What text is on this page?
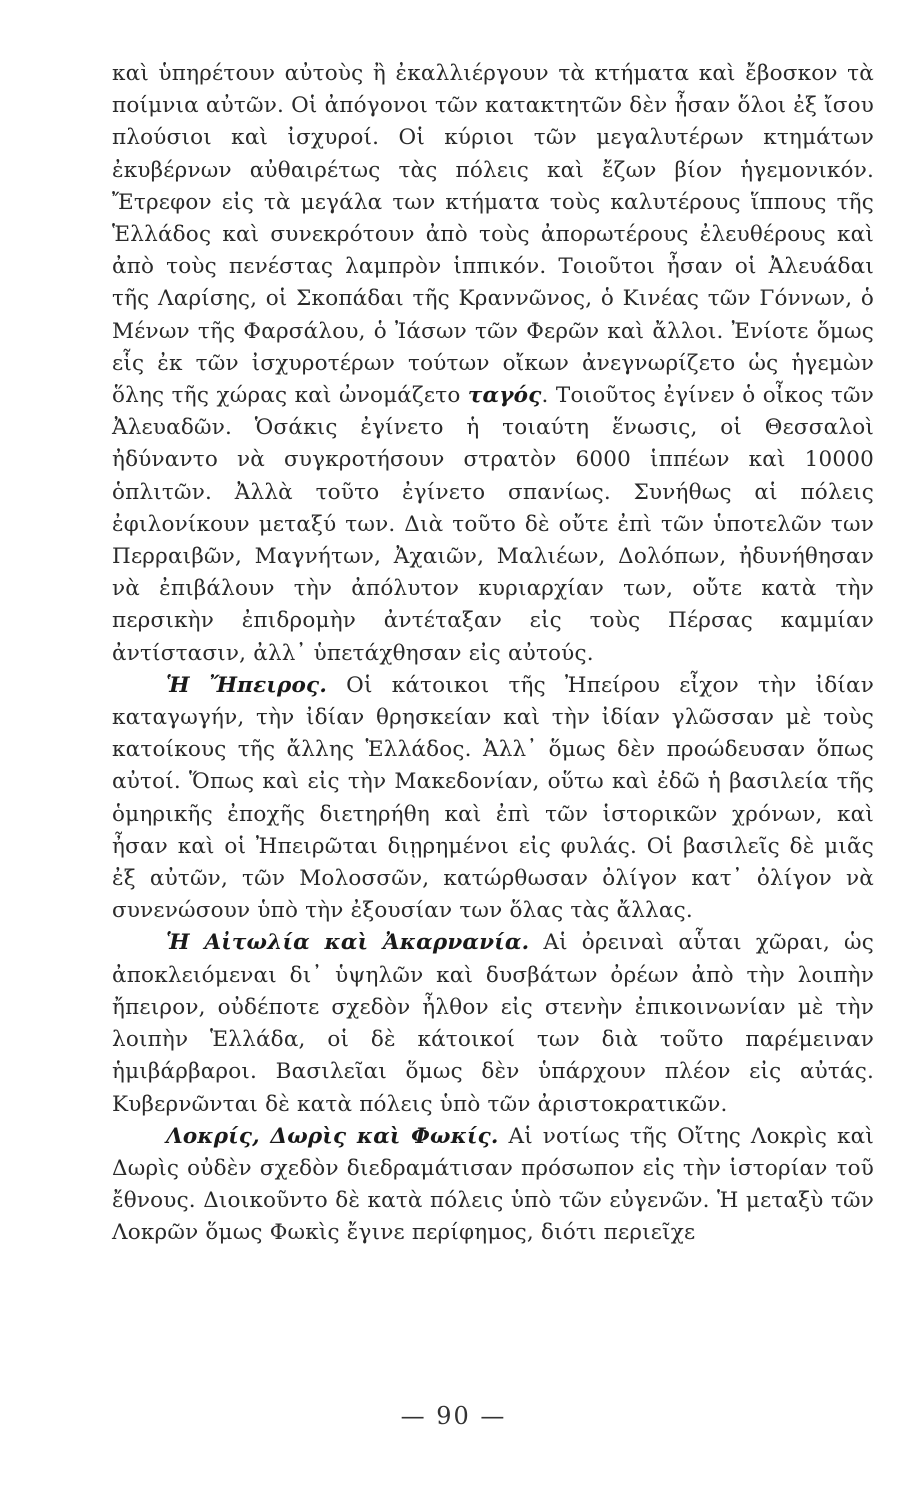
καὶ ὑπηρέτουν αὐτοὺς ἢ ἐκαλλιέργουν τὰ κτήματα καὶ ἔβοσκον τὰ ποίμνια αὐτῶν. Οἱ ἀπόγονοι τῶν κατακτητῶν δὲν ἦσαν ὅλοι ἐξ ἴσου πλούσιοι καὶ ἰσχυροί. Οἱ κύριοι τῶν μεγαλυτέρων κτημάτων ἐκυβέρνων αὐθαιρέτως τὰς πόλεις καὶ ἔζων βίον ἡγεμονικόν. Ἔτρεφον εἰς τὰ μεγάλα των κτήματα τοὺς καλυτέρους ἵππους τῆς Ἑλλάδος καὶ συνεκρότουν ἀπὸ τοὺς ἀπορωτέρους ἐλευθέρους καὶ ἀπὸ τοὺς πενέστας λαμπρὸν ἱππικόν. Τοιοῦτοι ἦσαν οἱ Ἀλευάδαι τῆς Λαρίσης, οἱ Σκοπάδαι τῆς Κραννῶνος, ὁ Κινέας τῶν Γόννων, ὁ Μένων τῆς Φαρσάλου, ὁ Ἰάσων τῶν Φερῶν καὶ ἄλλοι. Ἐνίοτε ὅμως εἷς ἐκ τῶν ἰσχυροτέρων τούτων οἴκων ἀνεγνωρίζετο ὡς ἡγεμὼν ὅλης τῆς χώρας καὶ ὠνομάζετο ταγός. Τοιοῦτος ἐγίνεν ὁ οἶκος τῶν Ἀλευαδῶν. Ὁσάκις ἐγίνετο ἡ τοιαύτη ἕνωσις, οἱ Θεσσαλοὶ ἠδύναντο νὰ συγκροτήσουν στρατὸν 6000 ἱππέων καὶ 10000 ὁπλιτῶν. Ἀλλὰ τοῦτο ἐγίνετο σπανίως. Συνήθως αἱ πόλεις ἐφιλονίκουν μεταξύ των. Διὰ τοῦτο δὲ οὔτε ἐπὶ τῶν ὑποτελῶν των Περραιβῶν, Μαγνήτων, Ἀχαιῶν, Μαλιέων, Δολόπων, ἠδυνήθησαν νὰ ἐπιβάλουν τὴν ἀπόλυτον κυριαρχίαν των, οὔτε κατὰ τὴν περσικὴν ἐπιδρομὴν ἀντέταξαν εἰς τοὺς Πέρσας καμμίαν ἀντίστασιν, ἀλλ᾿ ὑπετάχθησαν εἰς αὐτούς.

Ἡ Ἤπειρος. Οἱ κάτοικοι τῆς Ἠπείρου εἶχον τὴν ἰδίαν καταγωγήν, τὴν ἰδίαν θρησκείαν καὶ τὴν ἰδίαν γλῶσσαν μὲ τοὺς κατοίκους τῆς ἄλλης Ἑλλάδος. Ἀλλ᾿ ὅμως δὲν προώδευσαν ὅπως αὐτοί. Ὅπως καὶ εἰς τὴν Μακεδονίαν, οὕτω καὶ ἐδῶ ἡ βασιλεία τῆς ὁμηρικῆς ἐποχῆς διετηρήθη καὶ ἐπὶ τῶν ἱστορικῶν χρόνων, καὶ ἦσαν καὶ οἱ Ἠπειρῶται διῃρημένοι εἰς φυλάς. Οἱ βασιλεῖς δὲ μιᾶς ἐξ αὐτῶν, τῶν Μολοσσῶν, κατώρθωσαν ὀλίγον κατ᾿ ὀλίγον νὰ συνενώσουν ὑπὸ τὴν ἐξουσίαν των ὅλας τὰς ἄλλας.

Ἡ Αἰτωλία καὶ Ἀκαρνανία. Αἱ ὀρειναὶ αὗται χῶραι, ὡς ἀποκλειόμεναι δι᾿ ὑψηλῶν καὶ δυσβάτων ὀρέων ἀπὸ τὴν λοιπὴν ἤπειρον, οὐδέποτε σχεδὸν ἦλθον εἰς στενὴν ἐπικοινωνίαν μὲ τὴν λοιπὴν Ἑλλάδα, οἱ δὲ κάτοικοί των διὰ τοῦτο παρέμειναν ἡμιβάρβαροι. Βασιλεῖαι ὅμως δὲν ὑπάρχουν πλέον εἰς αὐτάς. Κυβερνῶνται δὲ κατὰ πόλεις ὑπὸ τῶν ἀριστοκρατικῶν.

Λοκρίς, Δωρὶς καὶ Φωκίς. Αἱ νοτίως τῆς Οἴτης Λοκρὶς καὶ Δωρὶς οὐδὲν σχεδὸν διεδραμάτισαν πρόσωπον εἰς τὴν ἱστορίαν τοῦ ἔθνους. Διοικοῦντο δὲ κατὰ πόλεις ὑπὸ τῶν εὐγενῶν. Ἡ μεταξὺ τῶν Λοκρῶν ὅμως Φωκὶς ἔγινε περίφημος, διότι περιεῖχε

— 90 —
